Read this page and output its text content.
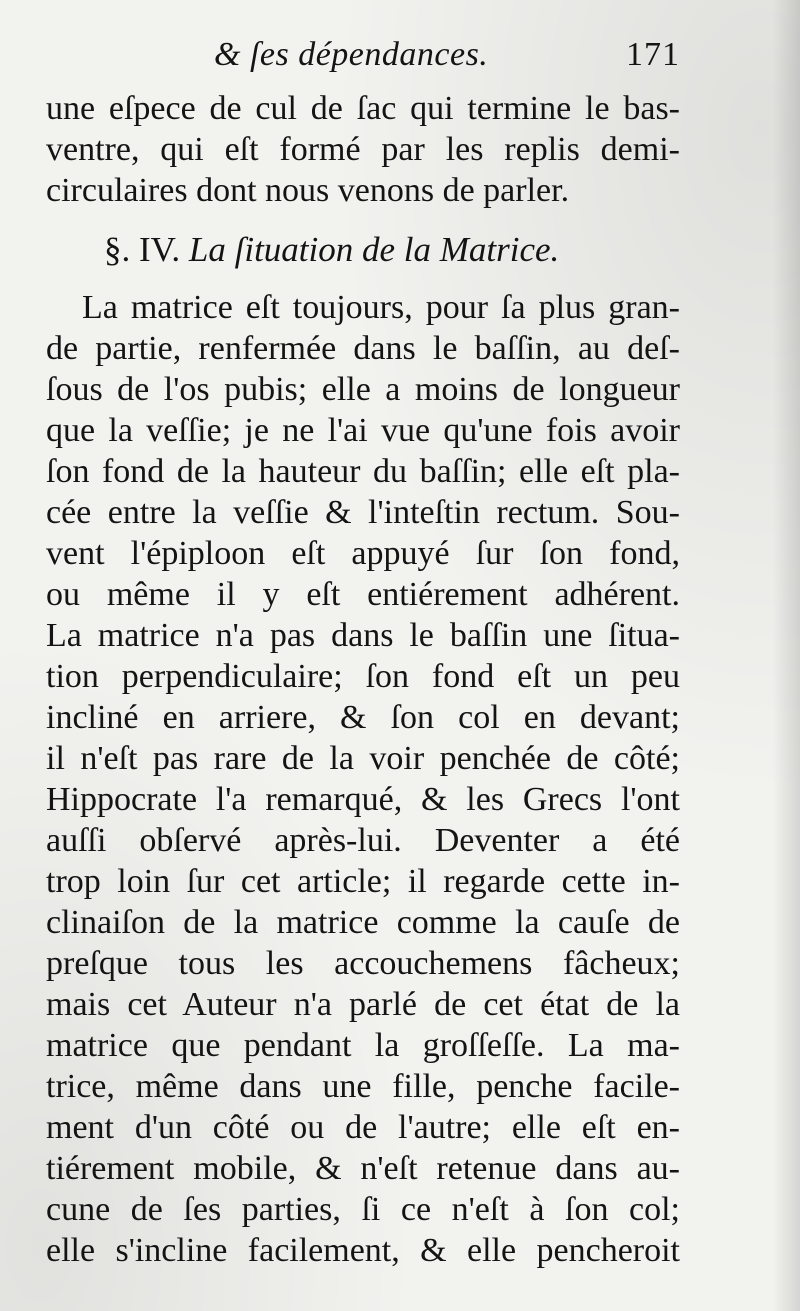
& ſes dépendances.	171
une eſpece de cul de ſac qui termine le bas-
ventre, qui eſt formé par les replis demi-
circulaires dont nous venons de parler.
§. IV. La ſituation de la Matrice.
La matrice eſt toujours, pour ſa plus gran-
de partie, renfermée dans le baſſin, au deſ-
ſous de l'os pubis; elle a moins de longueur
que la veſſie; je ne l'ai vue qu'une fois avoir
ſon fond de la hauteur du baſſin; elle eſt pla-
cée entre la veſſie & l'inteſtin rectum. Sou-
vent l'épiploon eſt appuyé ſur ſon fond,
ou même il y eſt entiérement adhérent.
La matrice n'a pas dans le baſſin une ſitua-
tion perpendiculaire; ſon fond eſt un peu
incliné en arriere, & ſon col en devant;
il n'eſt pas rare de la voir penchée de côté;
Hippocrate l'a remarqué, & les Grecs l'ont
auſſi obſervé après-lui. Deventer a été
trop loin ſur cet article; il regarde cette in-
clinaiſon de la matrice comme la cauſe de
preſque tous les accouchemens fâcheux;
mais cet Auteur n'a parlé de cet état de la
matrice que pendant la groſſeſſe. La ma-
trice, même dans une fille, penche facile-
ment d'un côté ou de l'autre; elle eſt en-
tiérement mobile, & n'eſt retenue dans au-
cune de ſes parties, ſi ce n'eſt à ſon col;
elle s'incline facilement, & elle pencheroit
